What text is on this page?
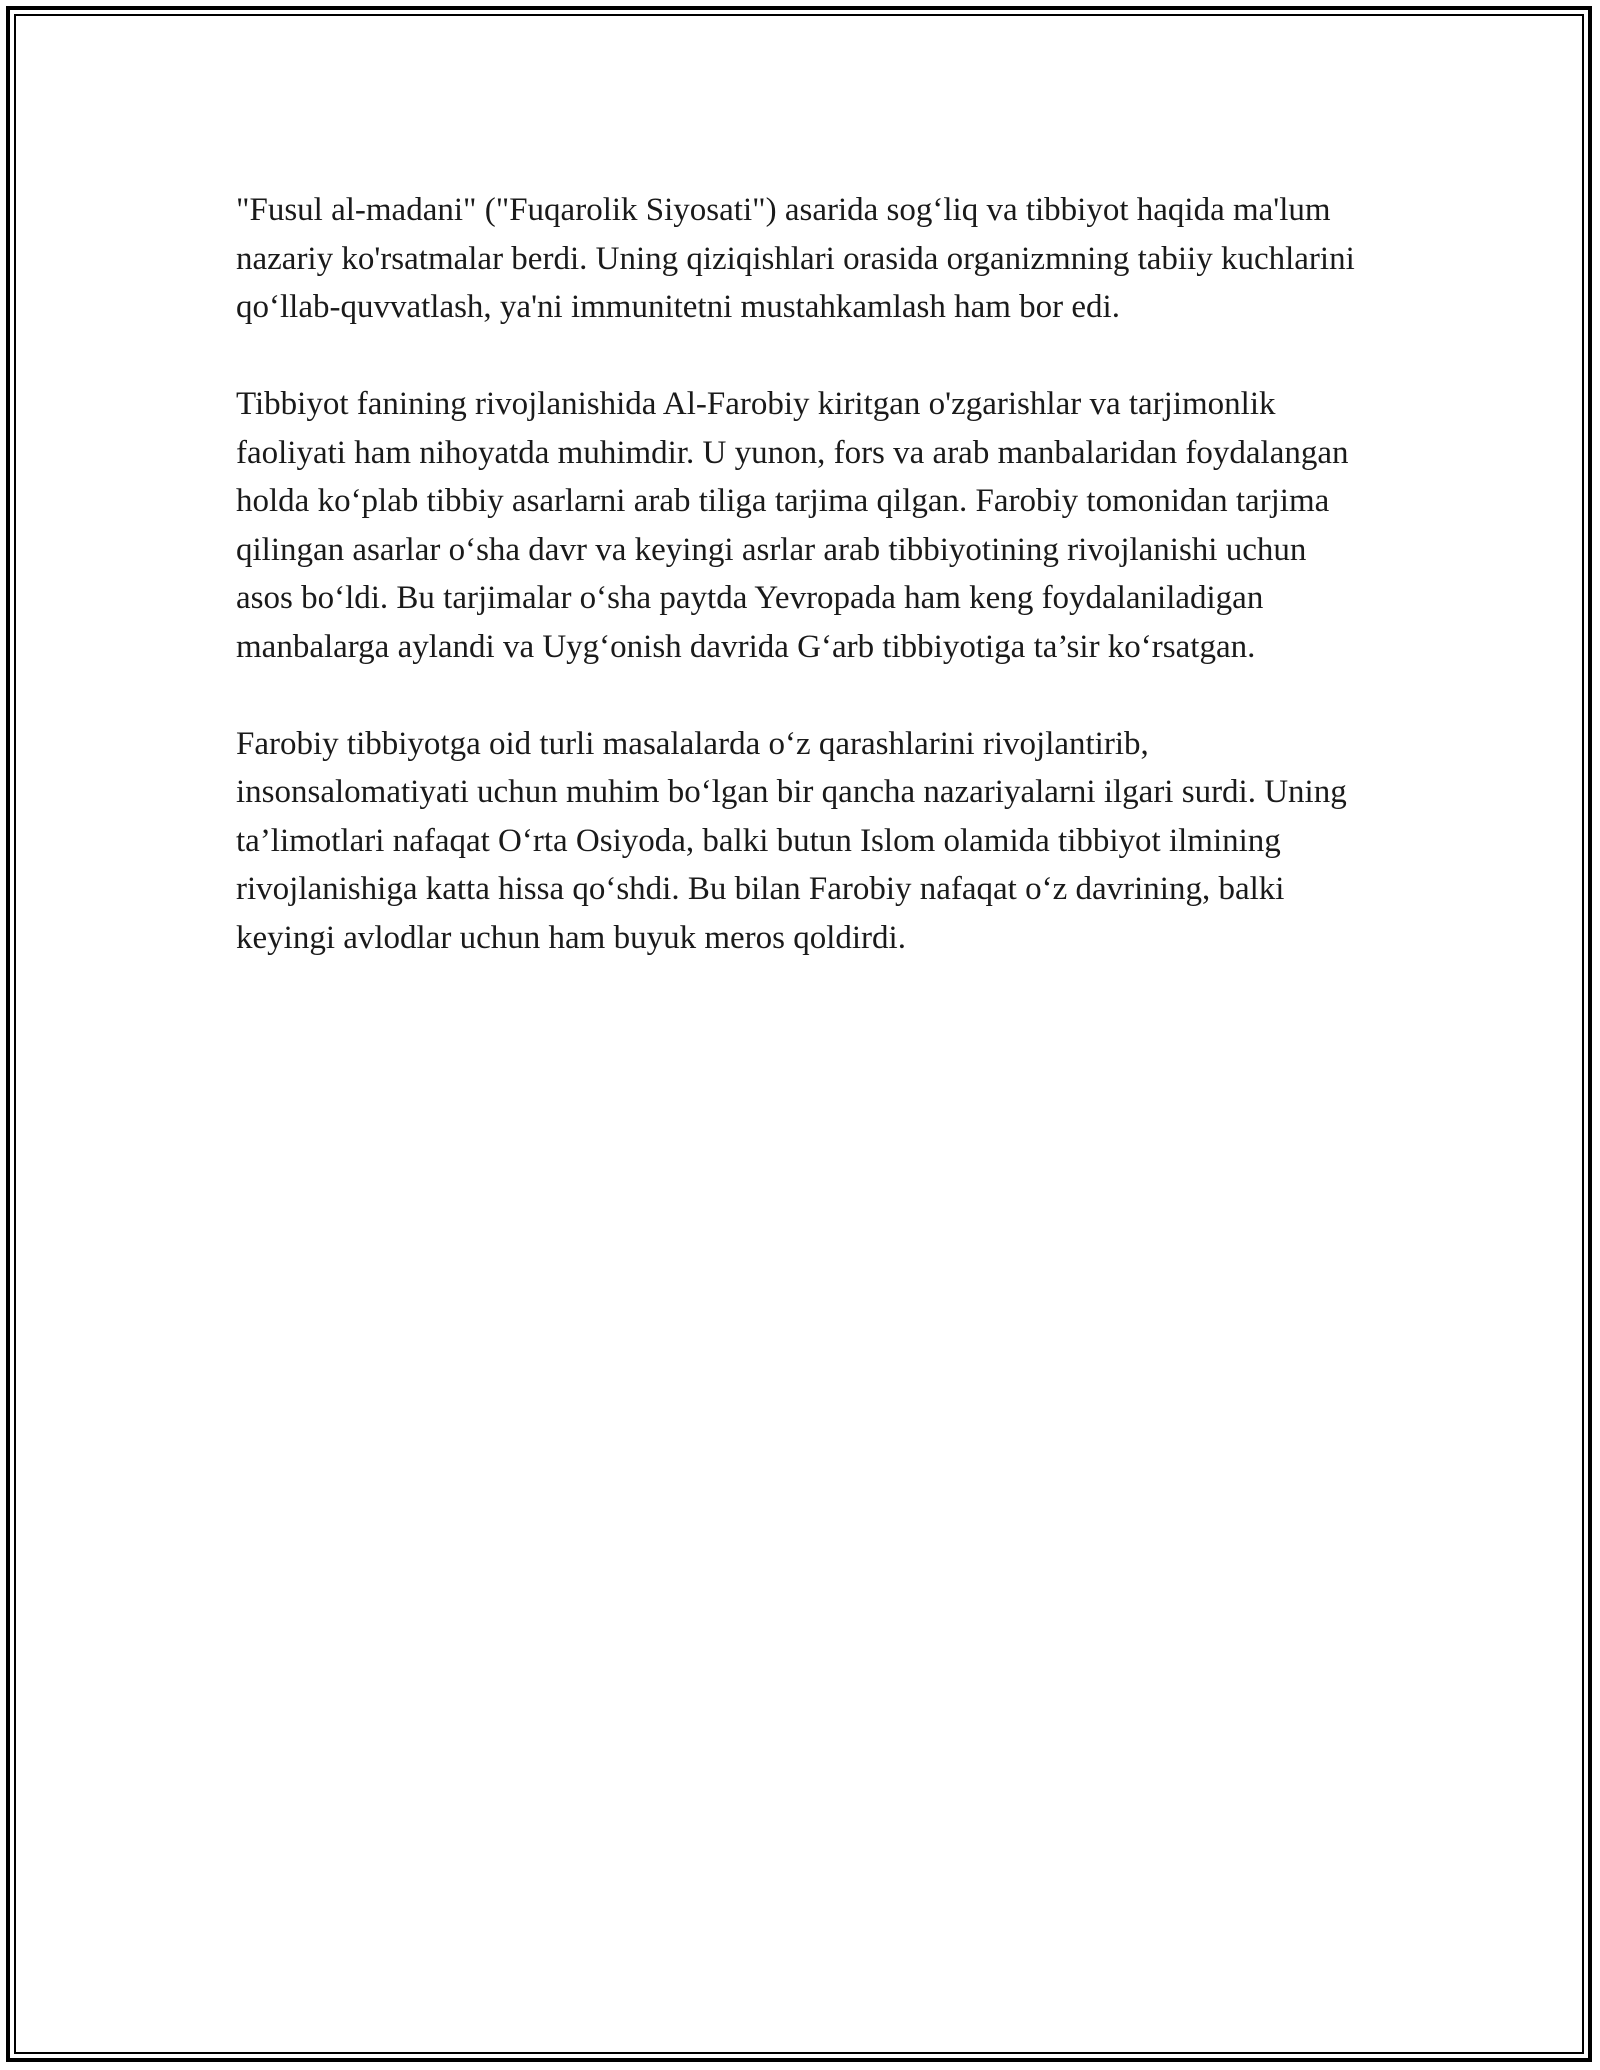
"Fusul al-madani" ("Fuqarolik Siyosati") asarida sog‘liq va tibbiyot haqida ma'lum nazariy ko'rsatmalar berdi. Uning qiziqishlari orasida organizmning tabiiy kuchlarini qo‘llab-quvvatlash, ya'ni immunitetni mustahkamlash ham bor edi.

Tibbiyot fanining rivojlanishida Al-Farobiy kiritgan o'zgarishlar va tarjimonlik faoliyati ham nihoyatda muhimdir. U yunon, fors va arab manbalaridan foydalangan holda ko‘plab tibbiy asarlarni arab tiliga tarjima qilgan. Farobiy tomonidan tarjima qilingan asarlar o‘sha davr va keyingi asrlar arab tibbiyotining rivojlanishi uchun asos bo‘ldi. Bu tarjimalar o‘sha paytda Yevropada ham keng foydalaniladigan manbalarga aylandi va Uyg‘onish davrida G‘arb tibbiyotiga ta’sir ko‘rsatgan.

Farobiy tibbiyotga oid turli masalalarda o‘z qarashlarini rivojlantirib, insonsalomatiyati uchun muhim bo‘lgan bir qancha nazariyalarni ilgari surdi. Uning ta’limotlari nafaqat O‘rta Osiyoda, balki butun Islom olamida tibbiyot ilmining rivojlanishiga katta hissa qo‘shdi. Bu bilan Farobiy nafaqat o‘z davrining, balki keyingi avlodlar uchun ham buyuk meros qoldirdi.
